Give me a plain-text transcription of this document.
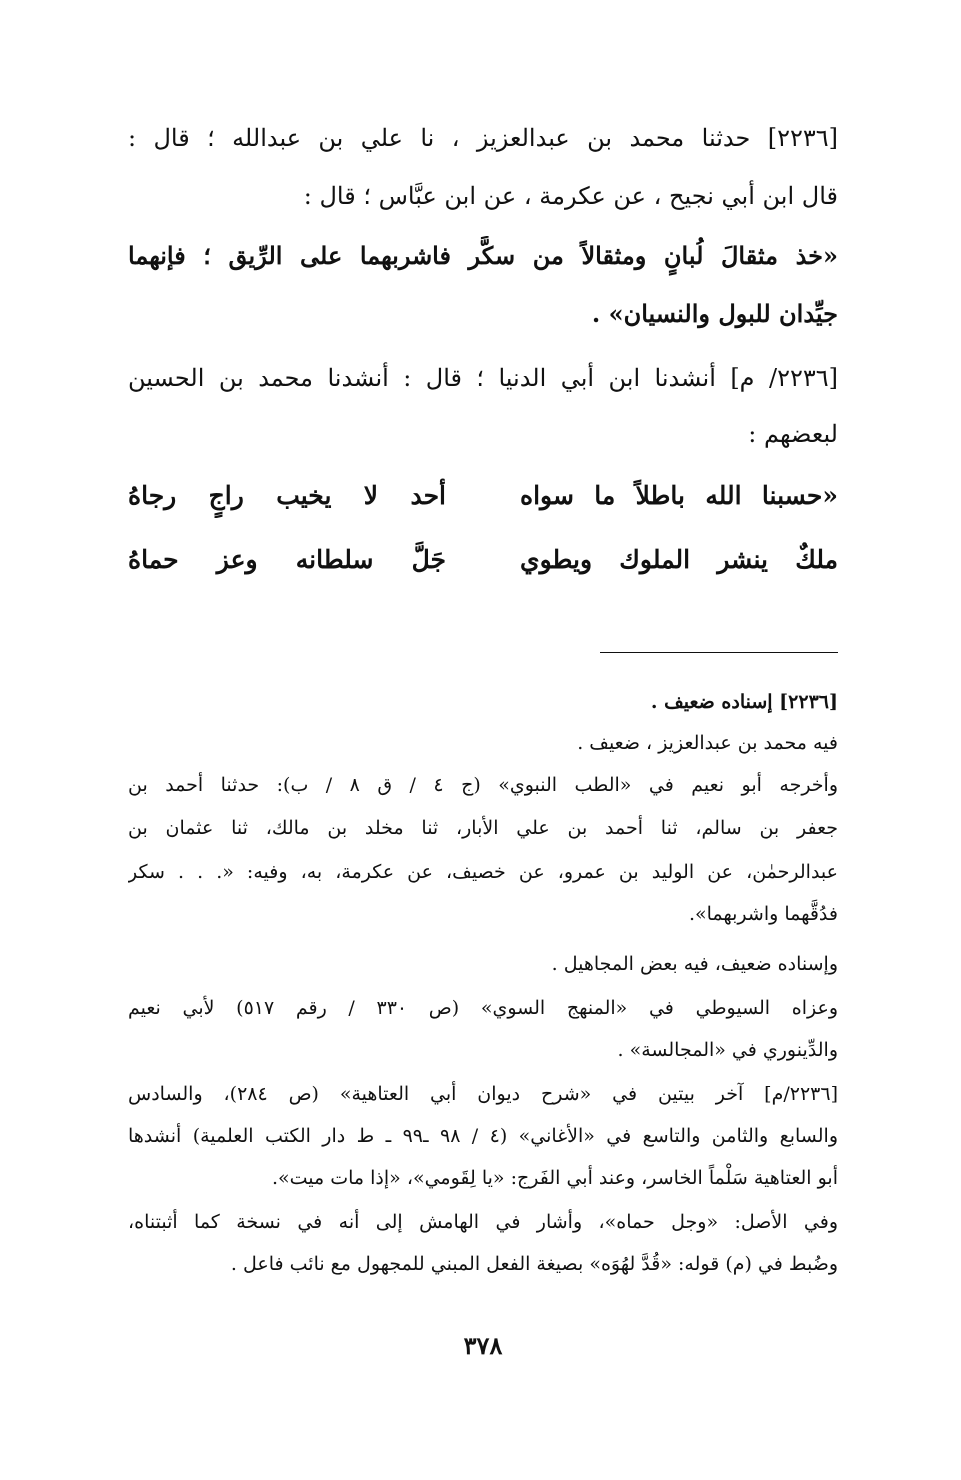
[٢٢٣٦] حدثنا محمد بن عبدالعزيز ، نا علي بن عبدالله ؛ قال :
قال ابن أبي نجيح ، عن عكرمة ، عن ابن عبَّاس ؛ قال :
«خذ مثقالَ لُبانٍ ومثقالاً من سكَّر فاشربهما على الرِّيق ؛ فإنهما
جيِّدان للبول والنسيان» .
[٢٢٣٦/ م] أنشدنا ابن أبي الدنيا ؛ قال : أنشدنا محمد بن الحسين
لبعضهم :
«حسبنا الله باطلاً ما سواه
أحد لا يخيب راجٍ رجاهُ
ملكٌ ينشر الملوك ويطوي
جَلَّ سلطانه وعز حماهُ
[٢٢٣٦] إسناده ضعيف .
فيه محمد بن عبدالعزيز ، ضعيف .
وأخرجه أبو نعيم في «الطب النبوي» (ج ٤ / ق ٨ / ب): حدثنا أحمد بن
جعفر بن سالم، ثنا أحمد بن علي الأبار، ثنا مخلد بن مالك، ثنا عثمان بن
عبدالرحمٰن، عن الوليد بن عمرو، عن خصيف، عن عكرمة، به، وفيه: «. . . سكر
فدُقَّهما واشربهما».
وإسناده ضعيف، فيه بعض المجاهيل .
وعزاه السيوطي في «المنهج السوي» (ص ٣٣٠ / رقم ٥١٧) لأبي نعيم
والدِّينوري في «المجالسة» .
[٢٢٣٦/م] آخر بيتين في «شرح ديوان أبي العتاهية» (ص ٢٨٤)، والسادس
والسابع والثامن والتاسع في «الأغاني» (٤ / ٩٨ ـ٩٩ ـ ط دار الكتب العلمية) أنشدها
أبو العتاهية سَلْماً الخاسر، وعند أبي الفَرج: «يا لِقَومي»، «إذا مات ميت».
وفي الأصل: «وجل حماه»، وأشار في الهامش إلى أنه في نسخة كما أثبتناه،
وضُبط في (م) قوله: «قُدَّ لهُوَه» بصيغة الفعل المبني للمجهول مع نائب فاعل .
٣٧٨
